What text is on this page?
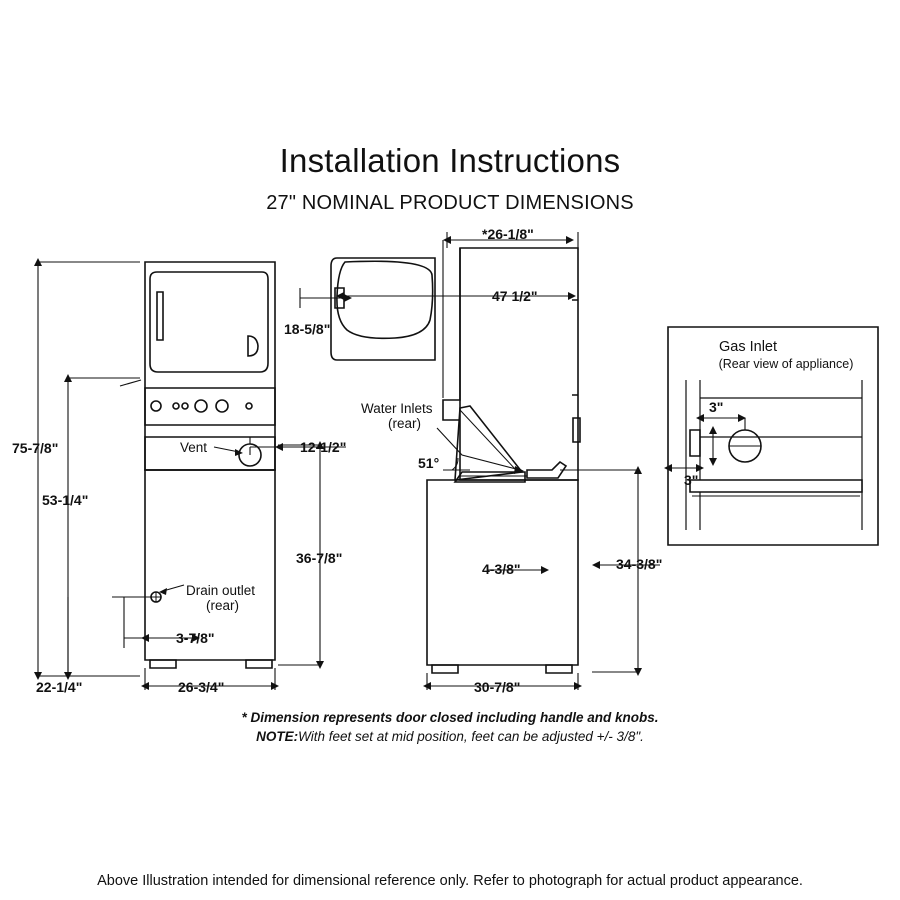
Installation Instructions
27" NOMINAL PRODUCT DIMENSIONS
75-7/8"
53-1/4"
22-1/4"	26-3/4"
3-7/8"
12-1/2"
36-7/8"
18-5/8"
*26-1/8"
47 1/2"
51°
4-3/8"	34-3/8"
30-7/8"
3"
3"
Vent
Drain outlet
(rear)
Water Inlets
(rear)
Gas Inlet
(Rear view of appliance)
* Dimension represents door closed including handle and knobs.
NOTE:With feet set at mid position, feet can be adjusted +/- 3/8".
Above Illustration intended for dimensional reference only. Refer to photograph for actual product appearance.
